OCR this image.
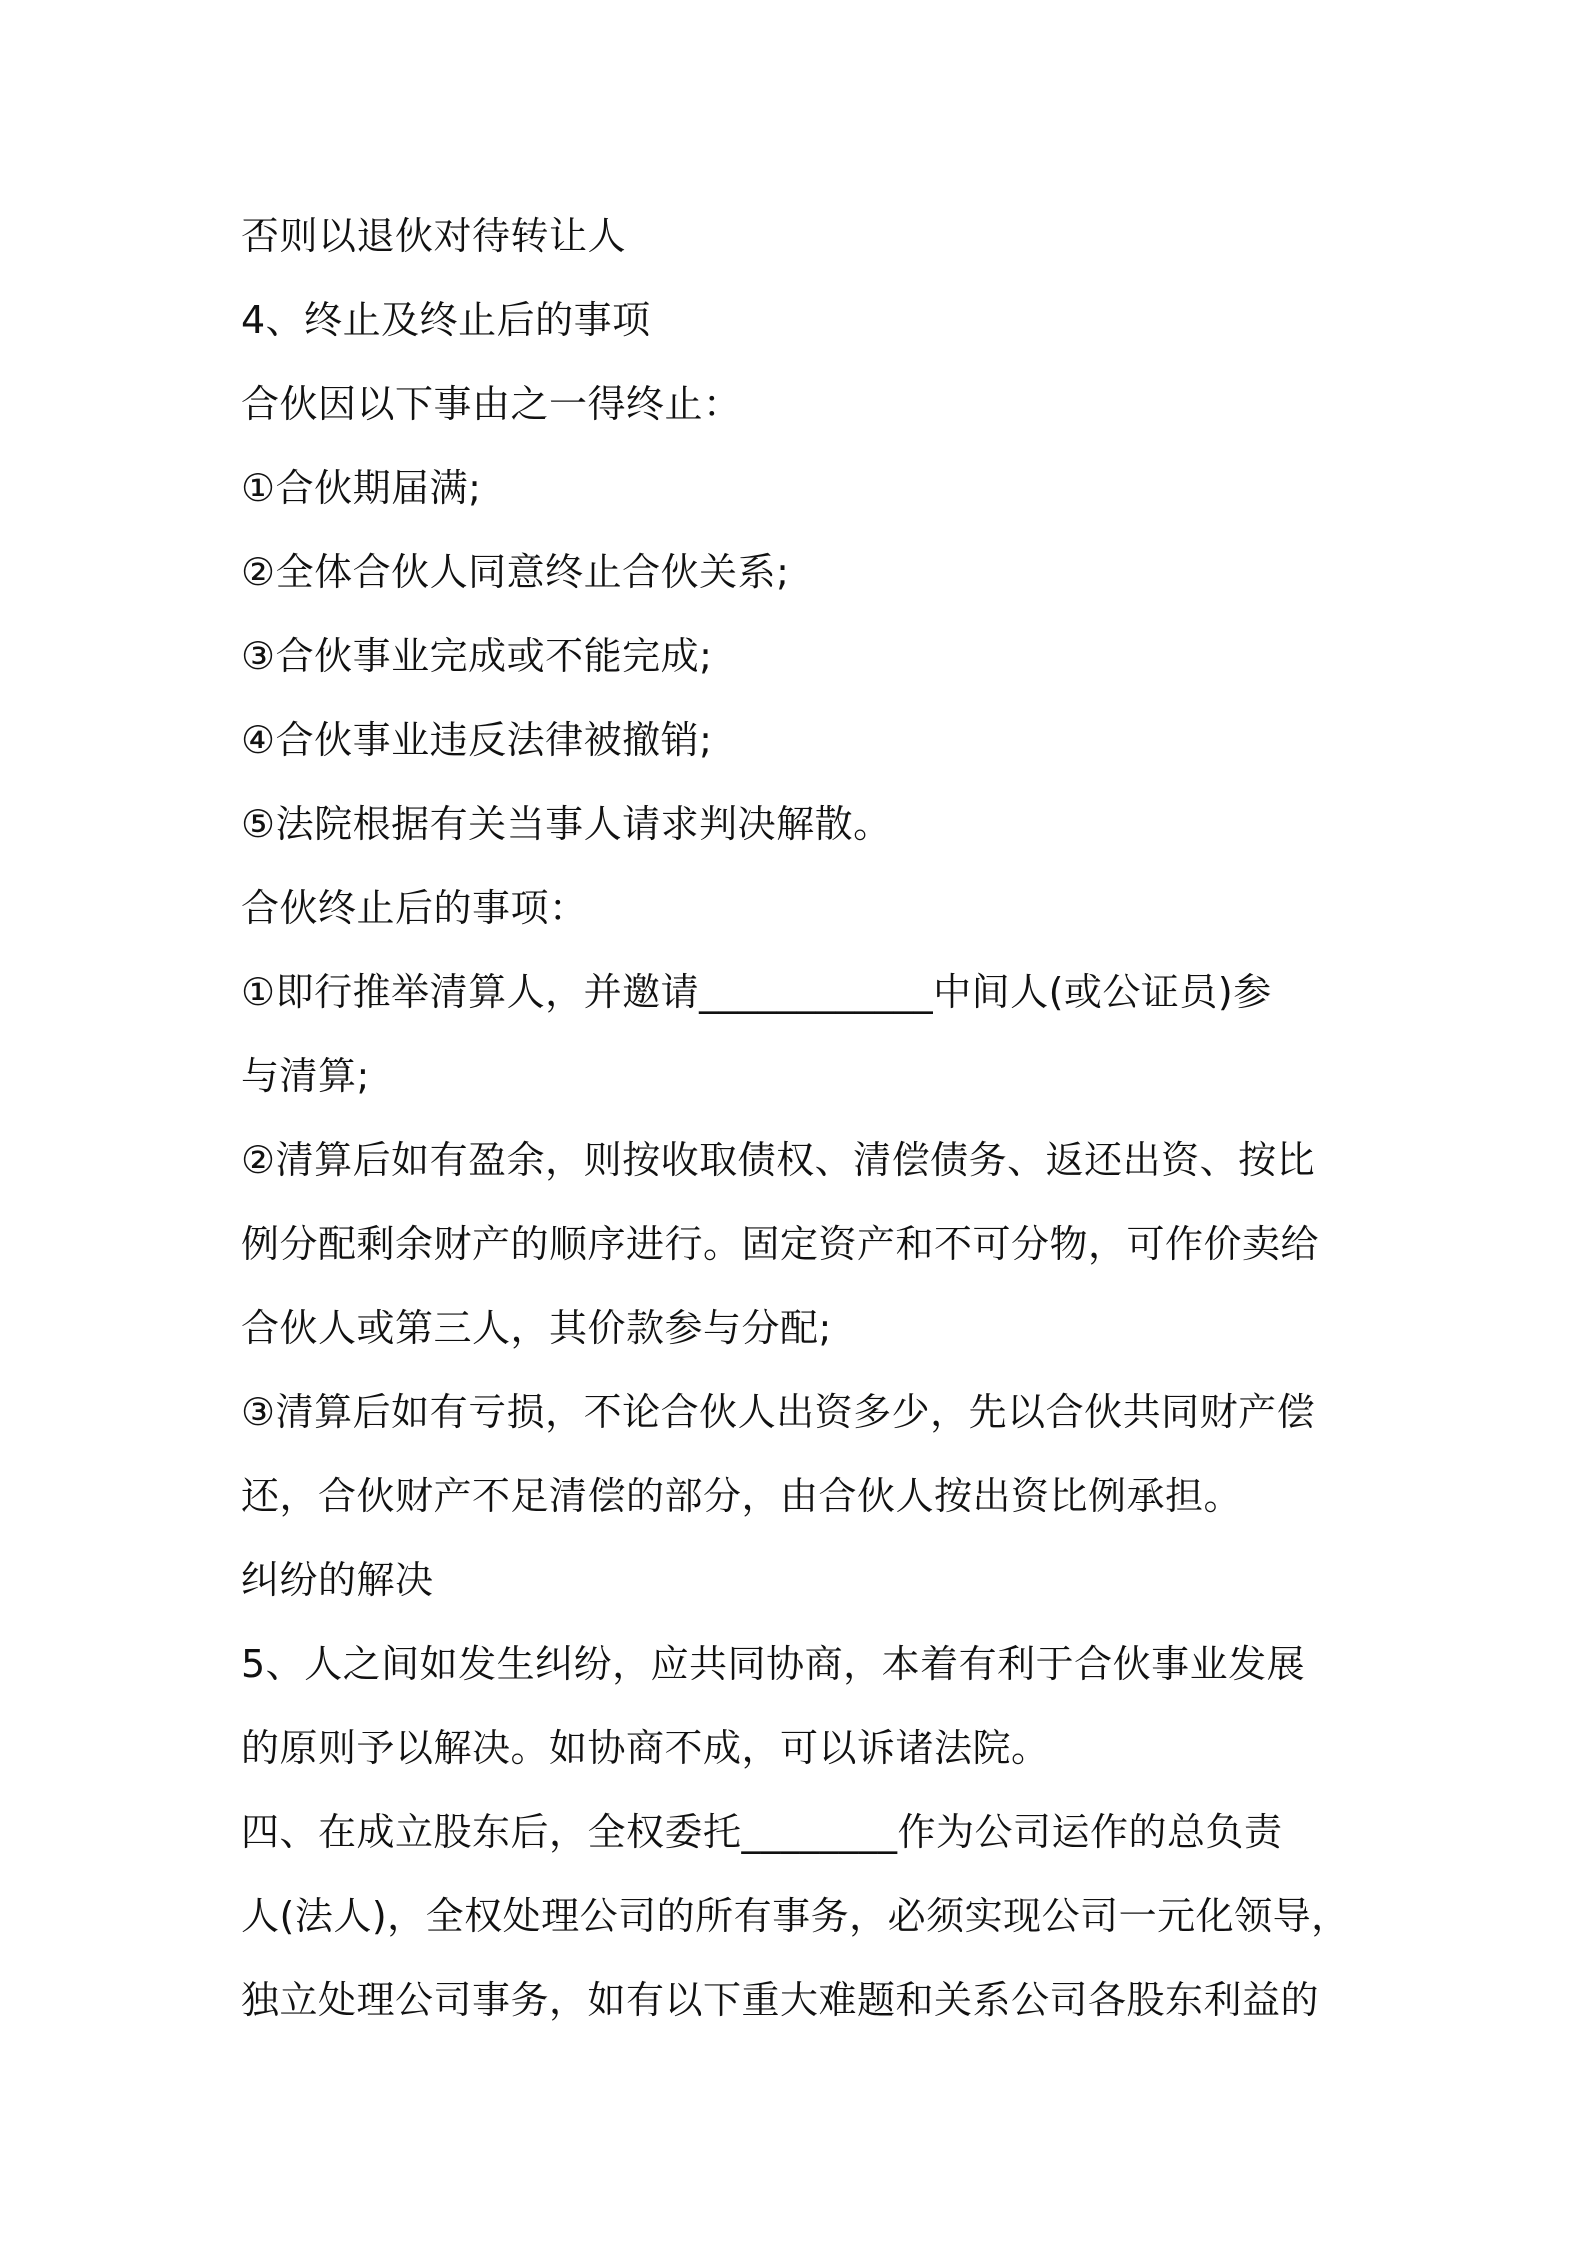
否则以退伙对待转让人
4、终止及终止后的事项
合伙因以下事由之一得终止：
①合伙期届满;
②全体合伙人同意终止合伙关系;
③合伙事业完成或不能完成;
④合伙事业违反法律被撤销;
⑤法院根据有关当事人请求判决解散。
合伙终止后的事项：
①即行推举清算人，并邀请____________中间人(或公证员)参
与清算;
②清算后如有盈余，则按收取债权、清偿债务、返还出资、按比
例分配剩余财产的顺序进行。固定资产和不可分物，可作价卖给
合伙人或第三人，其价款参与分配;
③清算后如有亏损，不论合伙人出资多少，先以合伙共同财产偿
还，合伙财产不足清偿的部分，由合伙人按出资比例承担。
纠纷的解决
5、人之间如发生纠纷，应共同协商，本着有利于合伙事业发展
的原则予以解决。如协商不成，可以诉诸法院。
四、在成立股东后，全权委托________作为公司运作的总负责
人(法人)，全权处理公司的所有事务，必须实现公司一元化领导，
独立处理公司事务，如有以下重大难题和关系公司各股东利益的
